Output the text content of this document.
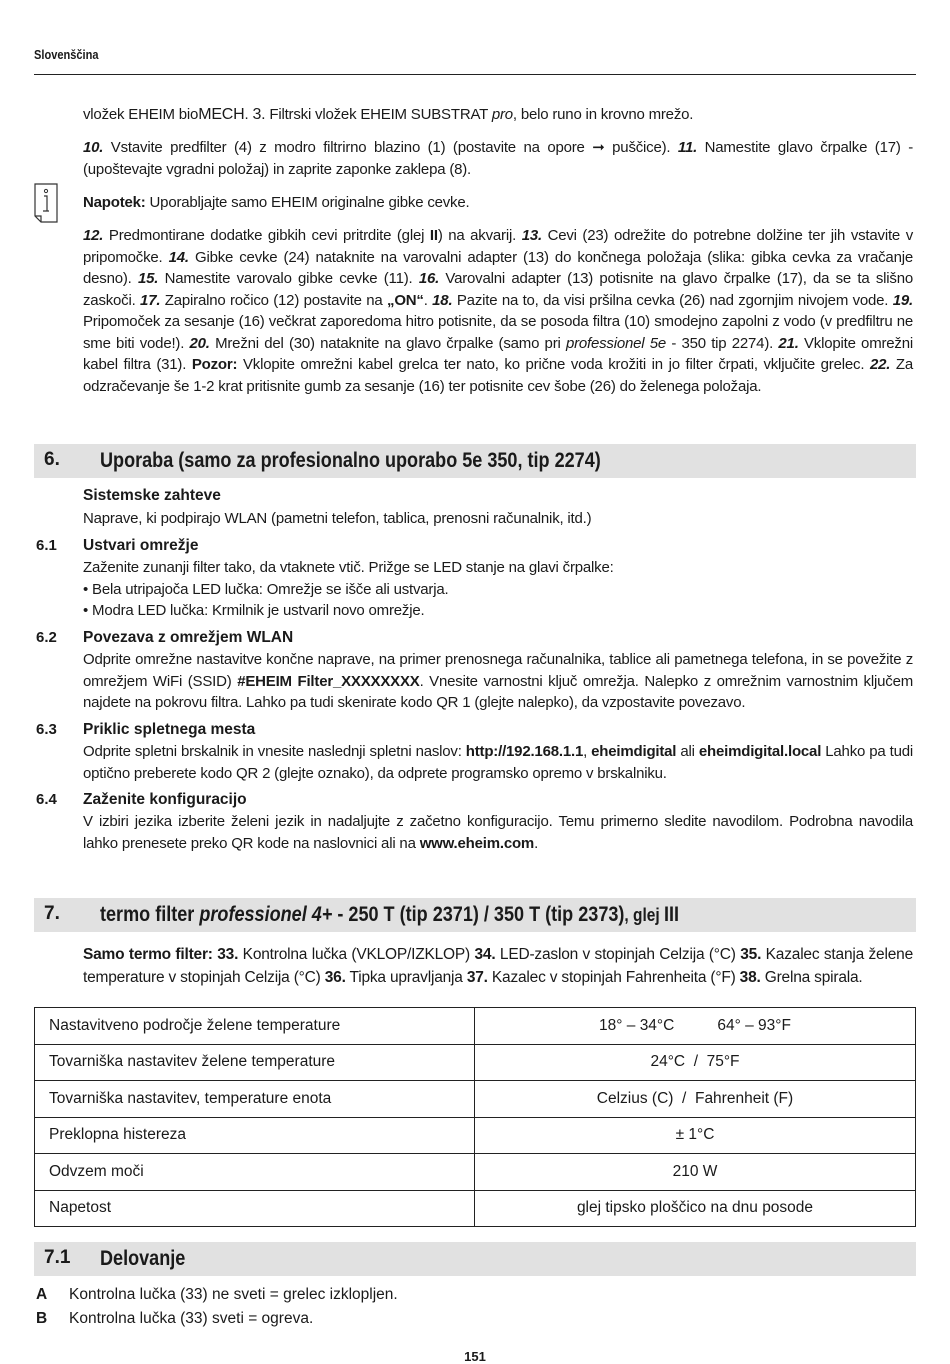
Slovenščina
vložek EHEIM bioMECH. 3. Filtrski vložek EHEIM SUBSTRAT pro, belo runo in krovno mrežo.
10. Vstavite predfilter (4) z modro filtrirno blazino (1) (postavite na opore ➞ puščice). 11. Namestite glavo črpalke (17) - (upoštevajte vgradni položaj) in zaprite zaponke zaklepa (8).
Napotek: Uporabljajte samo EHEIM originalne gibke cevke.
12. Predmontirane dodatke gibkih cevi pritrdite (glej II) na akvarij. 13. Cevi (23) odrežite do potrebne dolžine ter jih vstavite v pripomočke. 14. Gibke cevke (24) nataknite na varovalni adapter (13) do končnega položaja (slika: gibka cevka za vračanje desno). 15. Namestite varovalo gibke cevke (11). 16. Varovalni adapter (13) potisnite na glavo črpalke (17), da se ta slišno zaskoči. 17. Zapiralno ročico (12) postavite na „ON“. 18. Pazite na to, da visi pršilna cevka (26) nad zgornjim nivojem vode. 19. Pripomoček za sesanje (16) večkrat zaporedoma hitro potisnite, da se posoda filtra (10) smodejno zapolni z vodo (v predfiltru ne sme biti vode!). 20. Mrežni del (30) nataknite na glavo črpalke (samo pri professionel 5e - 350 tip 2274). 21. Vklopite omrežni kabel filtra (31). Pozor: Vklopite omrežni kabel grelca ter nato, ko prične voda krožiti in jo filter črpati, vključite grelec. 22. Za odzračevanje še 1-2 krat pritisnite gumb za sesanje (16) ter potisnite cev šobe (26) do želenega položaja.
6. Uporaba (samo za profesionalno uporabo 5e 350, tip 2274)
Sistemske zahteve
Naprave, ki podpirajo WLAN (pametni telefon, tablica, prenosni računalnik, itd.)
6.1 Ustvari omrežje
Zaženite zunanji filter tako, da vtaknete vtič. Prižge se LED stanje na glavi črpalke:
• Bela utripajoča LED lučka: Omrežje se išče ali ustvarja.
• Modra LED lučka: Krmilnik je ustvaril novo omrežje.
6.2 Povezava z omrežjem WLAN
Odprite omrežne nastavitve končne naprave, na primer prenosnega računalnika, tablice ali pametnega telefona, in se povežite z omrežjem WiFi (SSID) #EHEIM Filter_XXXXXXXX. Vnesite varnostni ključ omrežja. Nalepko z omrežnim varnostnim ključem najdete na pokrovu filtra. Lahko pa tudi skenirate kodo QR 1 (glejte nalepko), da vzpostavite povezavo.
6.3 Priklic spletnega mesta
Odprite spletni brskalnik in vnesite naslednji spletni naslov: http://192.168.1.1, eheimdigital ali eheimdigital.local Lahko pa tudi optično preberete kodo QR 2 (glejte oznako), da odprete programsko opremo v brskalniku.
6.4 Zaženite konfiguracijo
V izbiri jezika izberite želeni jezik in nadaljujte z začetno konfiguracijo. Temu primerno sledite navodilom. Podrobna navodila lahko prenesete preko QR kode na naslovnici ali na www.eheim.com.
7. termo filter professionel 4+ - 250 T (tip 2371) / 350 T (tip 2373), glej III
Samo termo filter: 33. Kontrolna lučka (VKLOP/IZKLOP) 34. LED-zaslon v stopinjah Celzija (°C) 35. Kazalec stanja želene temperature v stopinjah Celzija (°C) 36. Tipka upravljanja 37. Kazalec v stopinjah Fahrenheita (°F) 38. Grelna spirala.
Nastavitveno področje želene temperature	18° – 34°C          64° – 93°F
Tovarniška nastavitev želene temperature	24°C  /  75°F
Tovarniška nastavitev, temperature enota	Celzius (C)  /  Fahrenheit (F)
Preklopna histereza	± 1°C
Odvzem moči	210 W
Napetost	glej tipsko ploščico na dnu posode
7.1 Delovanje
A Kontrolna lučka (33) ne sveti = grelec izklopljen.
B Kontrolna lučka (33) sveti = ogreva.
151
